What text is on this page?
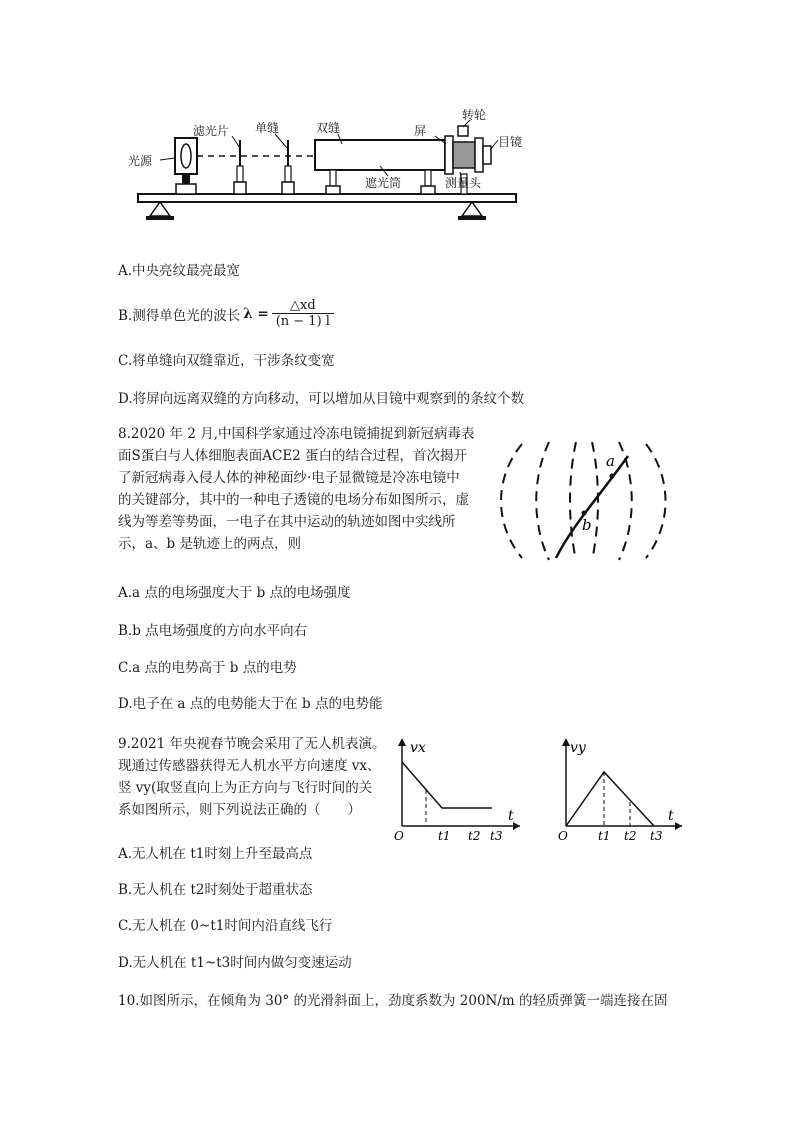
光源
滤光片 单缝	双缝	屏
转轮
目镜
遮光筒	测量头
A.中央亮纹最亮最宽
B.测得单色光的波长 $\lambda = \frac{\triangle xd}{(n - 1) l}$
C.将单缝向双缝靠近，干涉条纹变宽
D.将屏向远离双缝的方向移动，可以增加从目镜中观察到的条纹个数
8.2020 年 2 月,中国科学家通过冷冻电镜捕捉到新冠病毒表
面S蛋白与人体细胞表面ACE2 蛋白的结合过程，首次揭开
了新冠病毒入侵人体的神秘面纱·电子显微镜是冷冻电镜中
的关键部分，其中的一种电子透镜的电场分布如图所示，虚
线为等差等势面，一电子在其中运动的轨迹如图中实线所
示，a、b 是轨迹上的两点，则
a
b
A.a 点的电场强度大于 b 点的电场强度
B.b 点电场强度的方向水平向右
C.a 点的电势高于 b 点的电势
D.电子在 a 点的电势能大于在 b 点的电势能
9.2021 年央视春节晚会采用了无人机表演。
现通过传感器获得无人机水平方向速度 vx、
竖 vy(取竖直向上为正方向与飞行时间的关
系如图所示，则下列说法正确的（　　）
vx
t
O	t1 t2 t3
vy
t
O	t1 t2 t3
A.无人机在 t1时刻上升至最高点
B.无人机在 t2时刻处于超重状态
C.无人机在 0~t1时间内沿直线飞行
D.无人机在 t1~t3时间内做匀变速运动
10.如图所示，在倾角为 30° 的光滑斜面上，劲度系数为 200N/m 的轻质弹簧一端连接在固
